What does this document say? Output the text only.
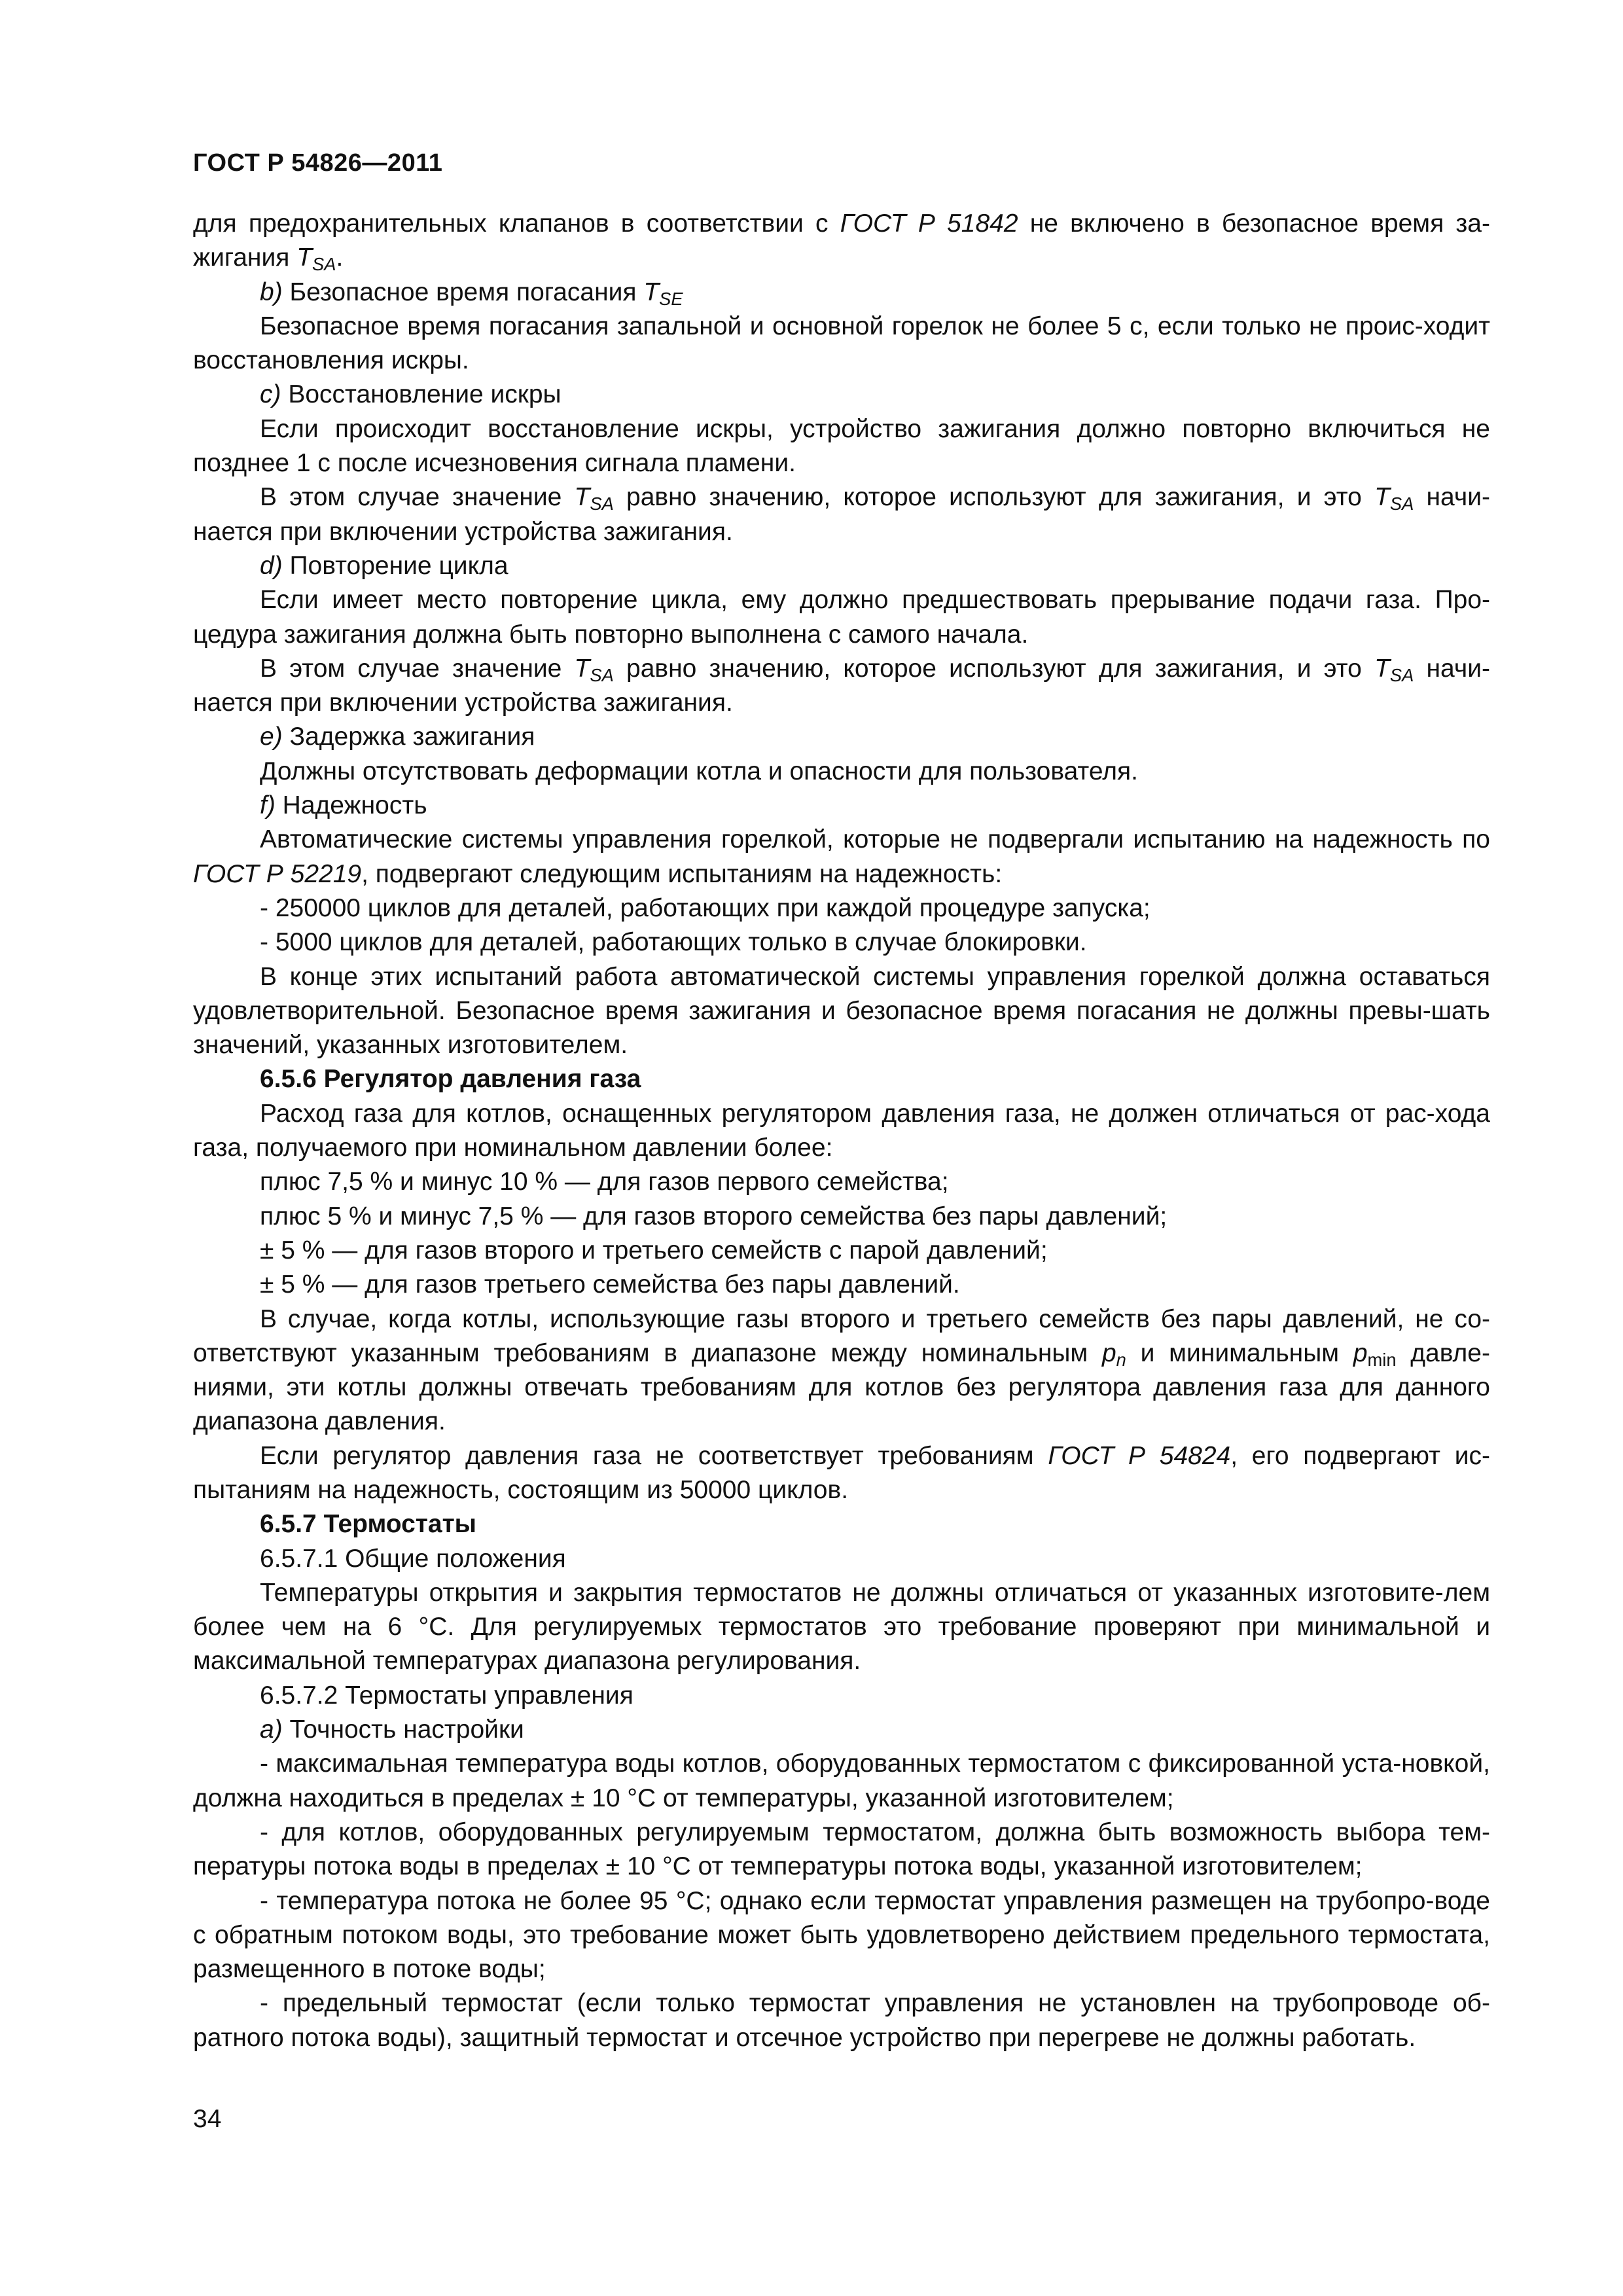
ГОСТ Р 54826—2011

для предохранительных клапанов в соответствии с ГОСТ Р 51842 не включено в безопасное время за-жигания $T_{SA}$.

b) Безопасное время погасания $T_{SE}$

Безопасное время погасания запальной и основной горелок не более 5 с, если только не проис-ходит восстановления искры.

c) Восстановление искры

Если происходит восстановление искры, устройство зажигания должно повторно включиться не позднее 1 с после исчезновения сигнала пламени.

В этом случае значение $T_{SA}$ равно значению, которое используют для зажигания, и это $T_{SA}$ начи-нается при включении устройства зажигания.

d) Повторение цикла

Если имеет место повторение цикла, ему должно предшествовать прерывание подачи газа. Про-цедура зажигания должна быть повторно выполнена с самого начала.

В этом случае значение $T_{SA}$ равно значению, которое используют для зажигания, и это $T_{SA}$ начи-нается при включении устройства зажигания.

e) Задержка зажигания

Должны отсутствовать деформации котла и опасности для пользователя.

f) Надежность

Автоматические системы управления горелкой, которые не подвергали испытанию на надежность по ГОСТ Р 52219, подвергают следующим испытаниям на надежность:

- 250000 циклов для деталей, работающих при каждой процедуре запуска;

- 5000 циклов для деталей, работающих только в случае блокировки.

В конце этих испытаний работа автоматической системы управления горелкой должна оставаться удовлетворительной. Безопасное время зажигания и безопасное время погасания не должны превы-шать значений, указанных изготовителем.

6.5.6 Регулятор давления газа

Расход газа для котлов, оснащенных регулятором давления газа, не должен отличаться от рас-хода газа, получаемого при номинальном давлении более:

плюс 7,5 % и минус 10 % — для газов первого семейства;

плюс 5 % и минус 7,5 % — для газов второго семейства без пары давлений;

± 5 % — для газов второго и третьего семейств с парой давлений;

± 5 % — для газов третьего семейства без пары давлений.

В случае, когда котлы, использующие газы второго и третьего семейств без пары давлений, не со-ответствуют указанным требованиям в диапазоне между номинальным $p_n$ и минимальным $p_{min}$ давле-ниями, эти котлы должны отвечать требованиям для котлов без регулятора давления газа для данного диапазона давления.

Если регулятор давления газа не соответствует требованиям ГОСТ Р 54824, его подвергают ис-пытаниям на надежность, состоящим из 50000 циклов.

6.5.7 Термостаты

6.5.7.1 Общие положения

Температуры открытия и закрытия термостатов не должны отличаться от указанных изготовите-лем более чем на 6 °C. Для регулируемых термостатов это требование проверяют при минимальной и максимальной температурах диапазона регулирования.

6.5.7.2 Термостаты управления

a) Точность настройки

- максимальная температура воды котлов, оборудованных термостатом с фиксированной уста-новкой, должна находиться в пределах ± 10 °C от температуры, указанной изготовителем;

- для котлов, оборудованных регулируемым термостатом, должна быть возможность выбора тем-пературы потока воды в пределах ± 10 °C от температуры потока воды, указанной изготовителем;

- температура потока не более 95 °C; однако если термостат управления размещен на трубопро-воде с обратным потоком воды, это требование может быть удовлетворено действием предельного термостата, размещенного в потоке воды;

- предельный термостат (если только термостат управления не установлен на трубопроводе об-ратного потока воды), защитный термостат и отсечное устройство при перегреве не должны работать.

34
